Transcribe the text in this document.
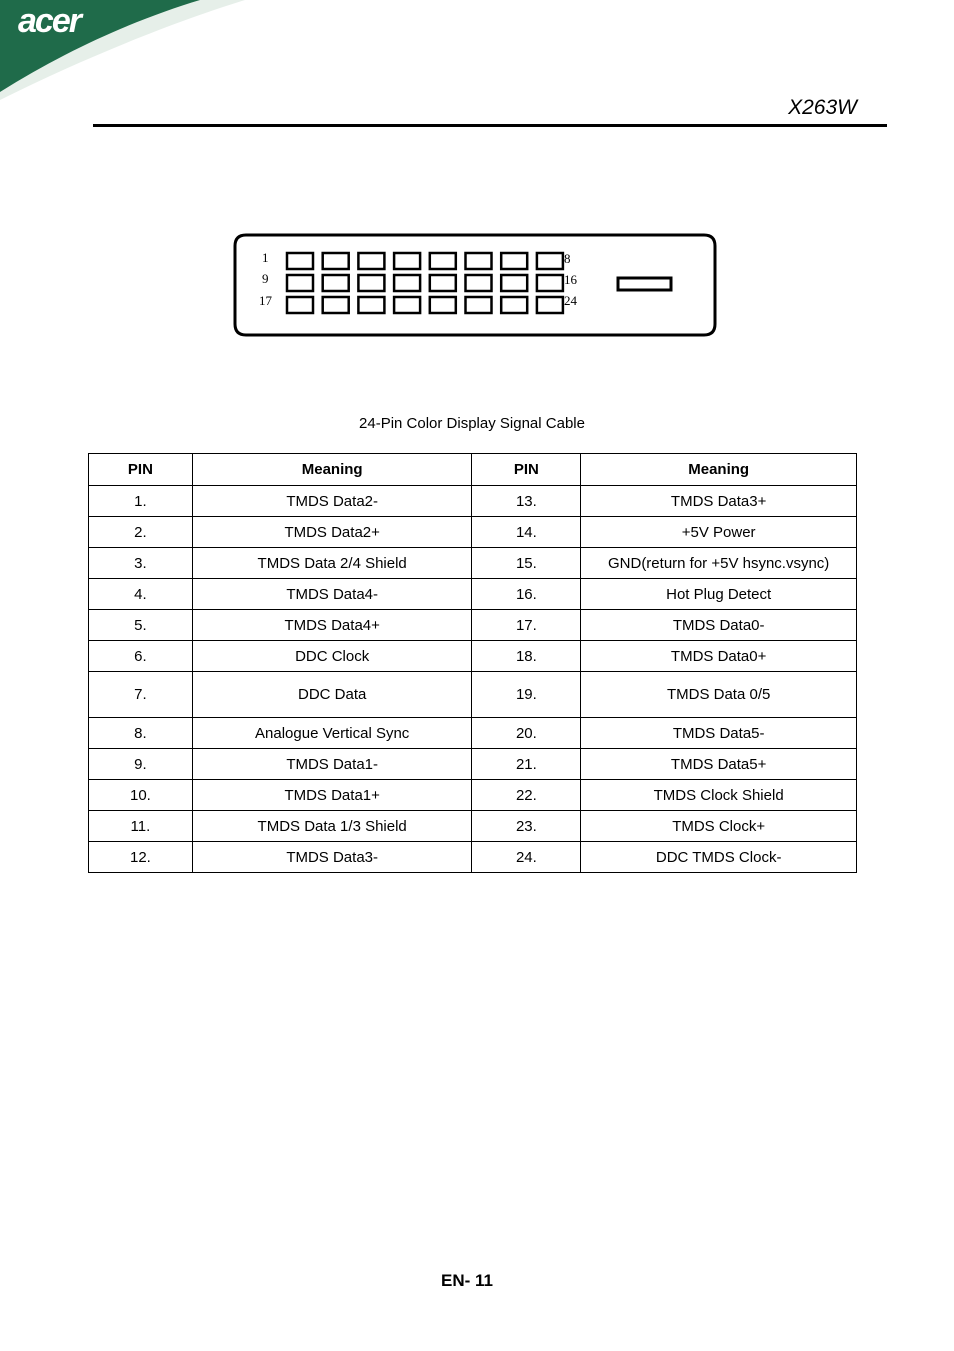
acer
X263W
1
9
17
8
16
24
24-Pin Color Display Signal Cable
PIN	Meaning	PIN	Meaning
1.	TMDS Data2-	13.	TMDS Data3+
2.	TMDS Data2+	14.	+5V Power
3.	TMDS Data 2/4 Shield	15.	GND(return for +5V hsync.vsync)
4.	TMDS Data4-	16.	Hot Plug Detect
5.	TMDS Data4+	17.	TMDS Data0-
6.	DDC Clock	18.	TMDS Data0+
7.	DDC Data	19.	TMDS Data 0/5
8.	Analogue Vertical Sync	20.	TMDS Data5-
9.	TMDS Data1-	21.	TMDS Data5+
10.	TMDS Data1+	22.	TMDS Clock Shield
11.	TMDS Data 1/3 Shield	23.	TMDS Clock+
12.	TMDS Data3-	24.	DDC TMDS Clock-
EN- 11
